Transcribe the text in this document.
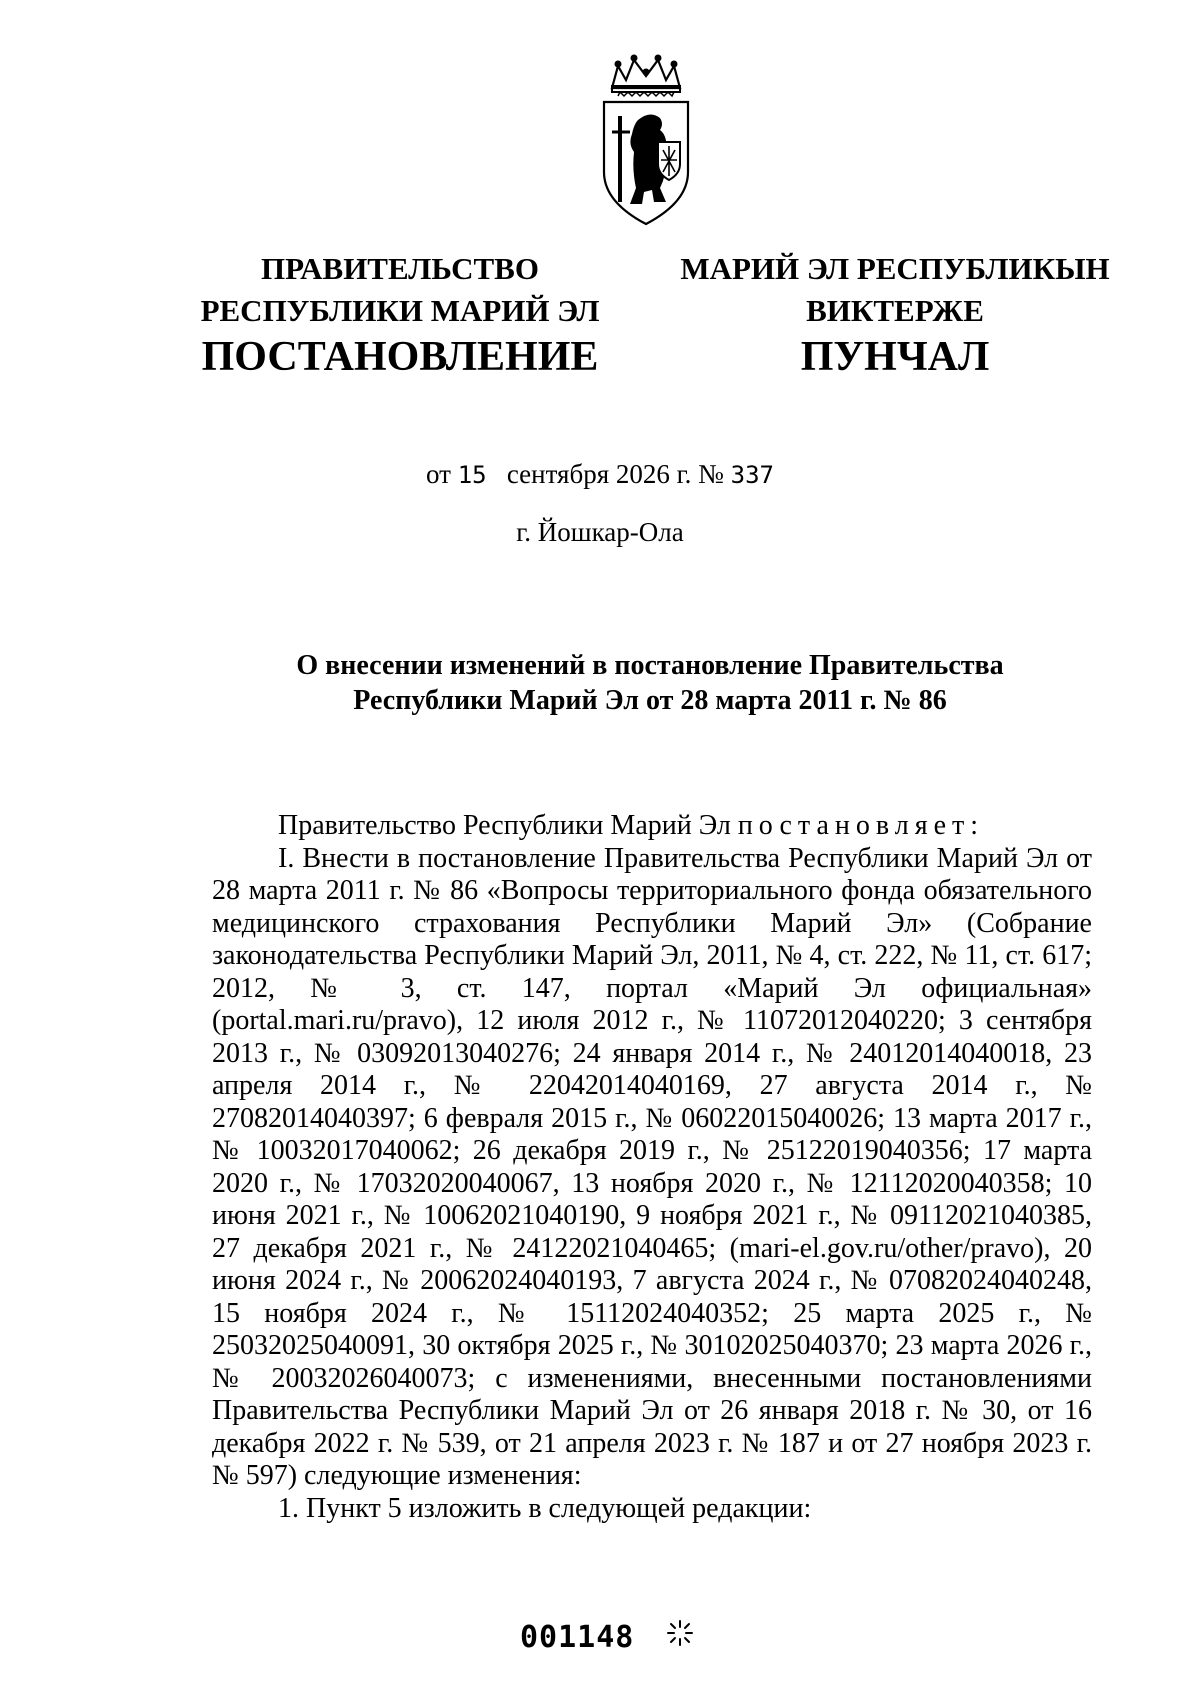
ПРАВИТЕЛЬСТВО
РЕСПУБЛИКИ МАРИЙ ЭЛ
МАРИЙ ЭЛ РЕСПУБЛИКЫН
ВИКТЕРЖЕ
ПОСТАНОВЛЕНИЕ	ПУНЧАЛ
от 15 сентября 2026 г. № 337
г. Йошкар-Ола
О внесении изменений в постановление Правительства
Республики Марий Эл от 28 марта 2011 г. № 86

Правительство Республики Марий Эл постановляет:

I. Внести в постановление Правительства Республики Марий Эл от 28 марта 2011 г. № 86 «Вопросы территориального фонда обязательного медицинского страхования Республики Марий Эл» (Собрание законодательства Республики Марий Эл, 2011, № 4, ст. 222, № 11, ст. 617; 2012, № 3, ст. 147, портал «Марий Эл официальная» (portal.mari.ru/pravo), 12 июля 2012 г., № 11072012040220; 3 сентября 2013 г., № 03092013040276; 24 января 2014 г., № 24012014040018, 23 апреля 2014 г., № 22042014040169, 27 августа 2014 г., № 27082014040397; 6 февраля 2015 г., № 06022015040026; 13 марта 2017 г., № 10032017040062; 26 декабря 2019 г., № 25122019040356; 17 марта 2020 г., № 17032020040067, 13 ноября 2020 г., № 12112020040358; 10 июня 2021 г., № 10062021040190, 9 ноября 2021 г., № 09112021040385, 27 декабря 2021 г., № 24122021040465; (mari-el.gov.ru/other/pravo), 20 июня 2024 г., № 20062024040193, 7 августа 2024 г., № 07082024040248, 15 ноября 2024 г., № 15112024040352; 25 марта 2025 г., № 25032025040091, 30 октября 2025 г., № 30102025040370; 23 марта 2026 г., № 20032026040073; с изменениями, внесенными постановлениями Правительства Республики Марий Эл от 26 января 2018 г. № 30, от 16 декабря 2022 г. № 539, от 21 апреля 2023 г. № 187 и от 27 ноября 2023 г. № 597) следующие изменения:

1. Пункт 5 изложить в следующей редакции:

001148
